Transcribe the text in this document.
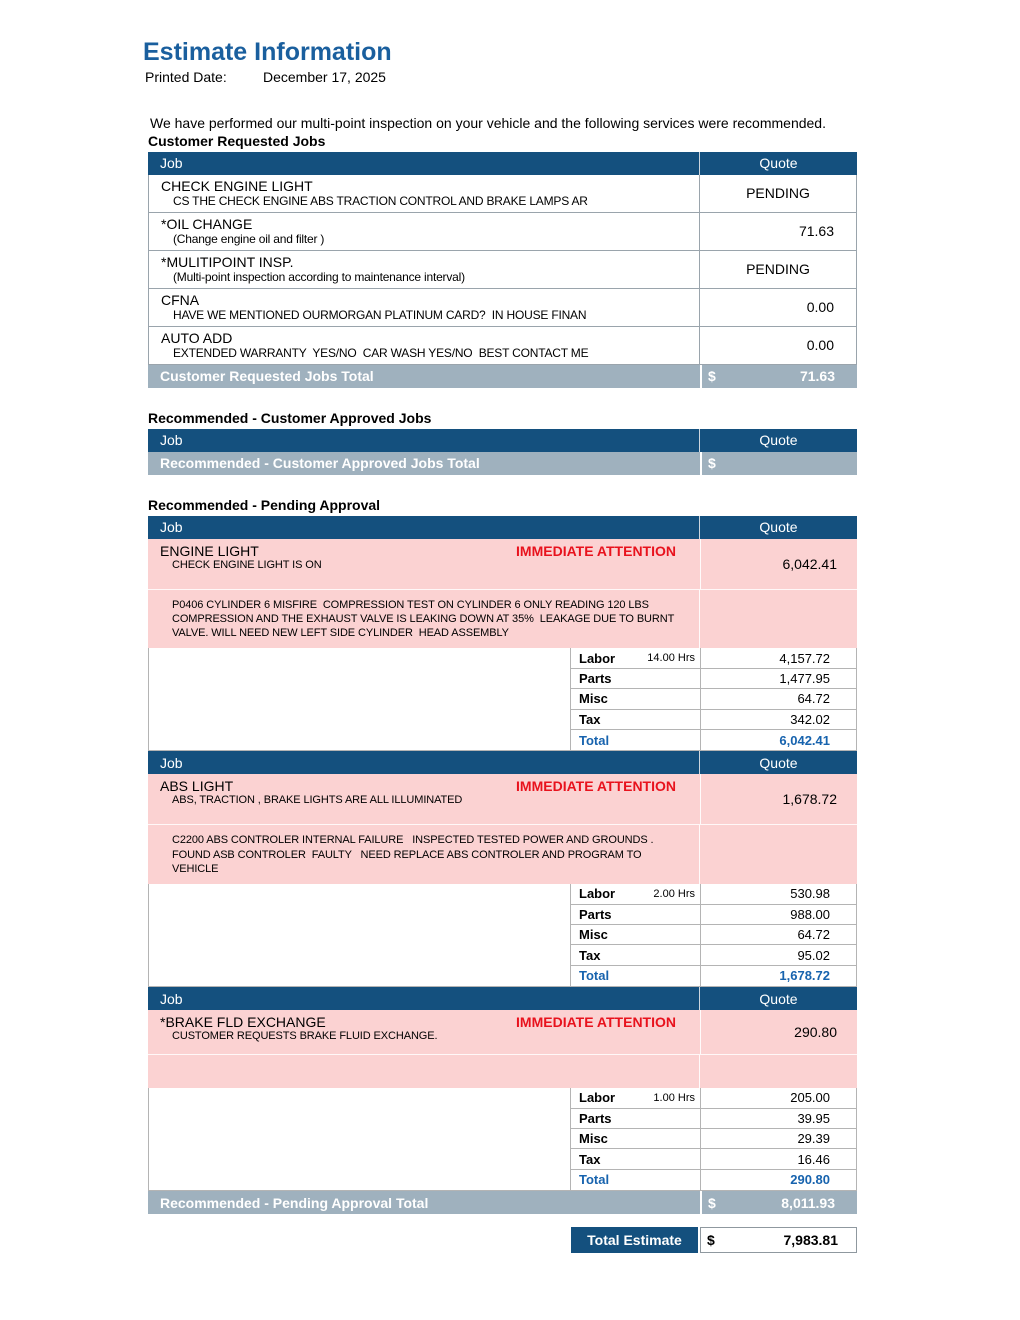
Estimate Information
Printed Date:	December 17, 2025
We have performed our multi-point inspection on your vehicle and the following services were recommended.
Customer Requested Jobs
Job	Quote
CHECK ENGINE LIGHT
CS THE CHECK ENGINE ABS TRACTION CONTROL AND BRAKE LAMPS AR	PENDING
*OIL CHANGE
(Change engine oil and filter )	71.63
*MULITIPOINT INSP.
(Multi-point inspection according to maintenance interval)	PENDING
CFNA
HAVE WE MENTIONED OURMORGAN PLATINUM CARD?  IN HOUSE FINAN	0.00
AUTO ADD
EXTENDED WARRANTY  YES/NO  CAR WASH YES/NO  BEST CONTACT ME	0.00
Customer Requested Jobs Total	$	71.63
Recommended - Customer Approved Jobs
Job	Quote
Recommended - Customer Approved Jobs Total	$
Recommended - Pending Approval
Job	Quote
ENGINE LIGHT	IMMEDIATE ATTENTION
CHECK ENGINE LIGHT IS ON	6,042.41
P0406 CYLINDER 6 MISFIRE  COMPRESSION TEST ON CYLINDER 6 ONLY READING 120 LBS COMPRESSION AND THE EXHAUST VALVE IS LEAKING DOWN AT 35%  LEAKAGE DUE TO BURNT VALVE. WILL NEED NEW LEFT SIDE CYLINDER  HEAD ASSEMBLY
Labor	14.00 Hrs	4,157.72
Parts	1,477.95
Misc	64.72
Tax	342.02
Total	6,042.41
Job	Quote
ABS LIGHT	IMMEDIATE ATTENTION
ABS, TRACTION , BRAKE LIGHTS ARE ALL ILLUMINATED	1,678.72
C2200 ABS CONTROLER INTERNAL FAILURE   INSPECTED TESTED POWER AND GROUNDS . FOUND ASB CONTROLER  FAULTY   NEED REPLACE ABS CONTROLER AND PROGRAM TO VEHICLE
Labor	2.00 Hrs	530.98
Parts	988.00
Misc	64.72
Tax	95.02
Total	1,678.72
Job	Quote
*BRAKE FLD EXCHANGE	IMMEDIATE ATTENTION
CUSTOMER REQUESTS BRAKE FLUID EXCHANGE.	290.80
Labor	1.00 Hrs	205.00
Parts	39.95
Misc	29.39
Tax	16.46
Total	290.80
Recommended - Pending Approval Total	$	8,011.93
Total Estimate	$	7,983.81
